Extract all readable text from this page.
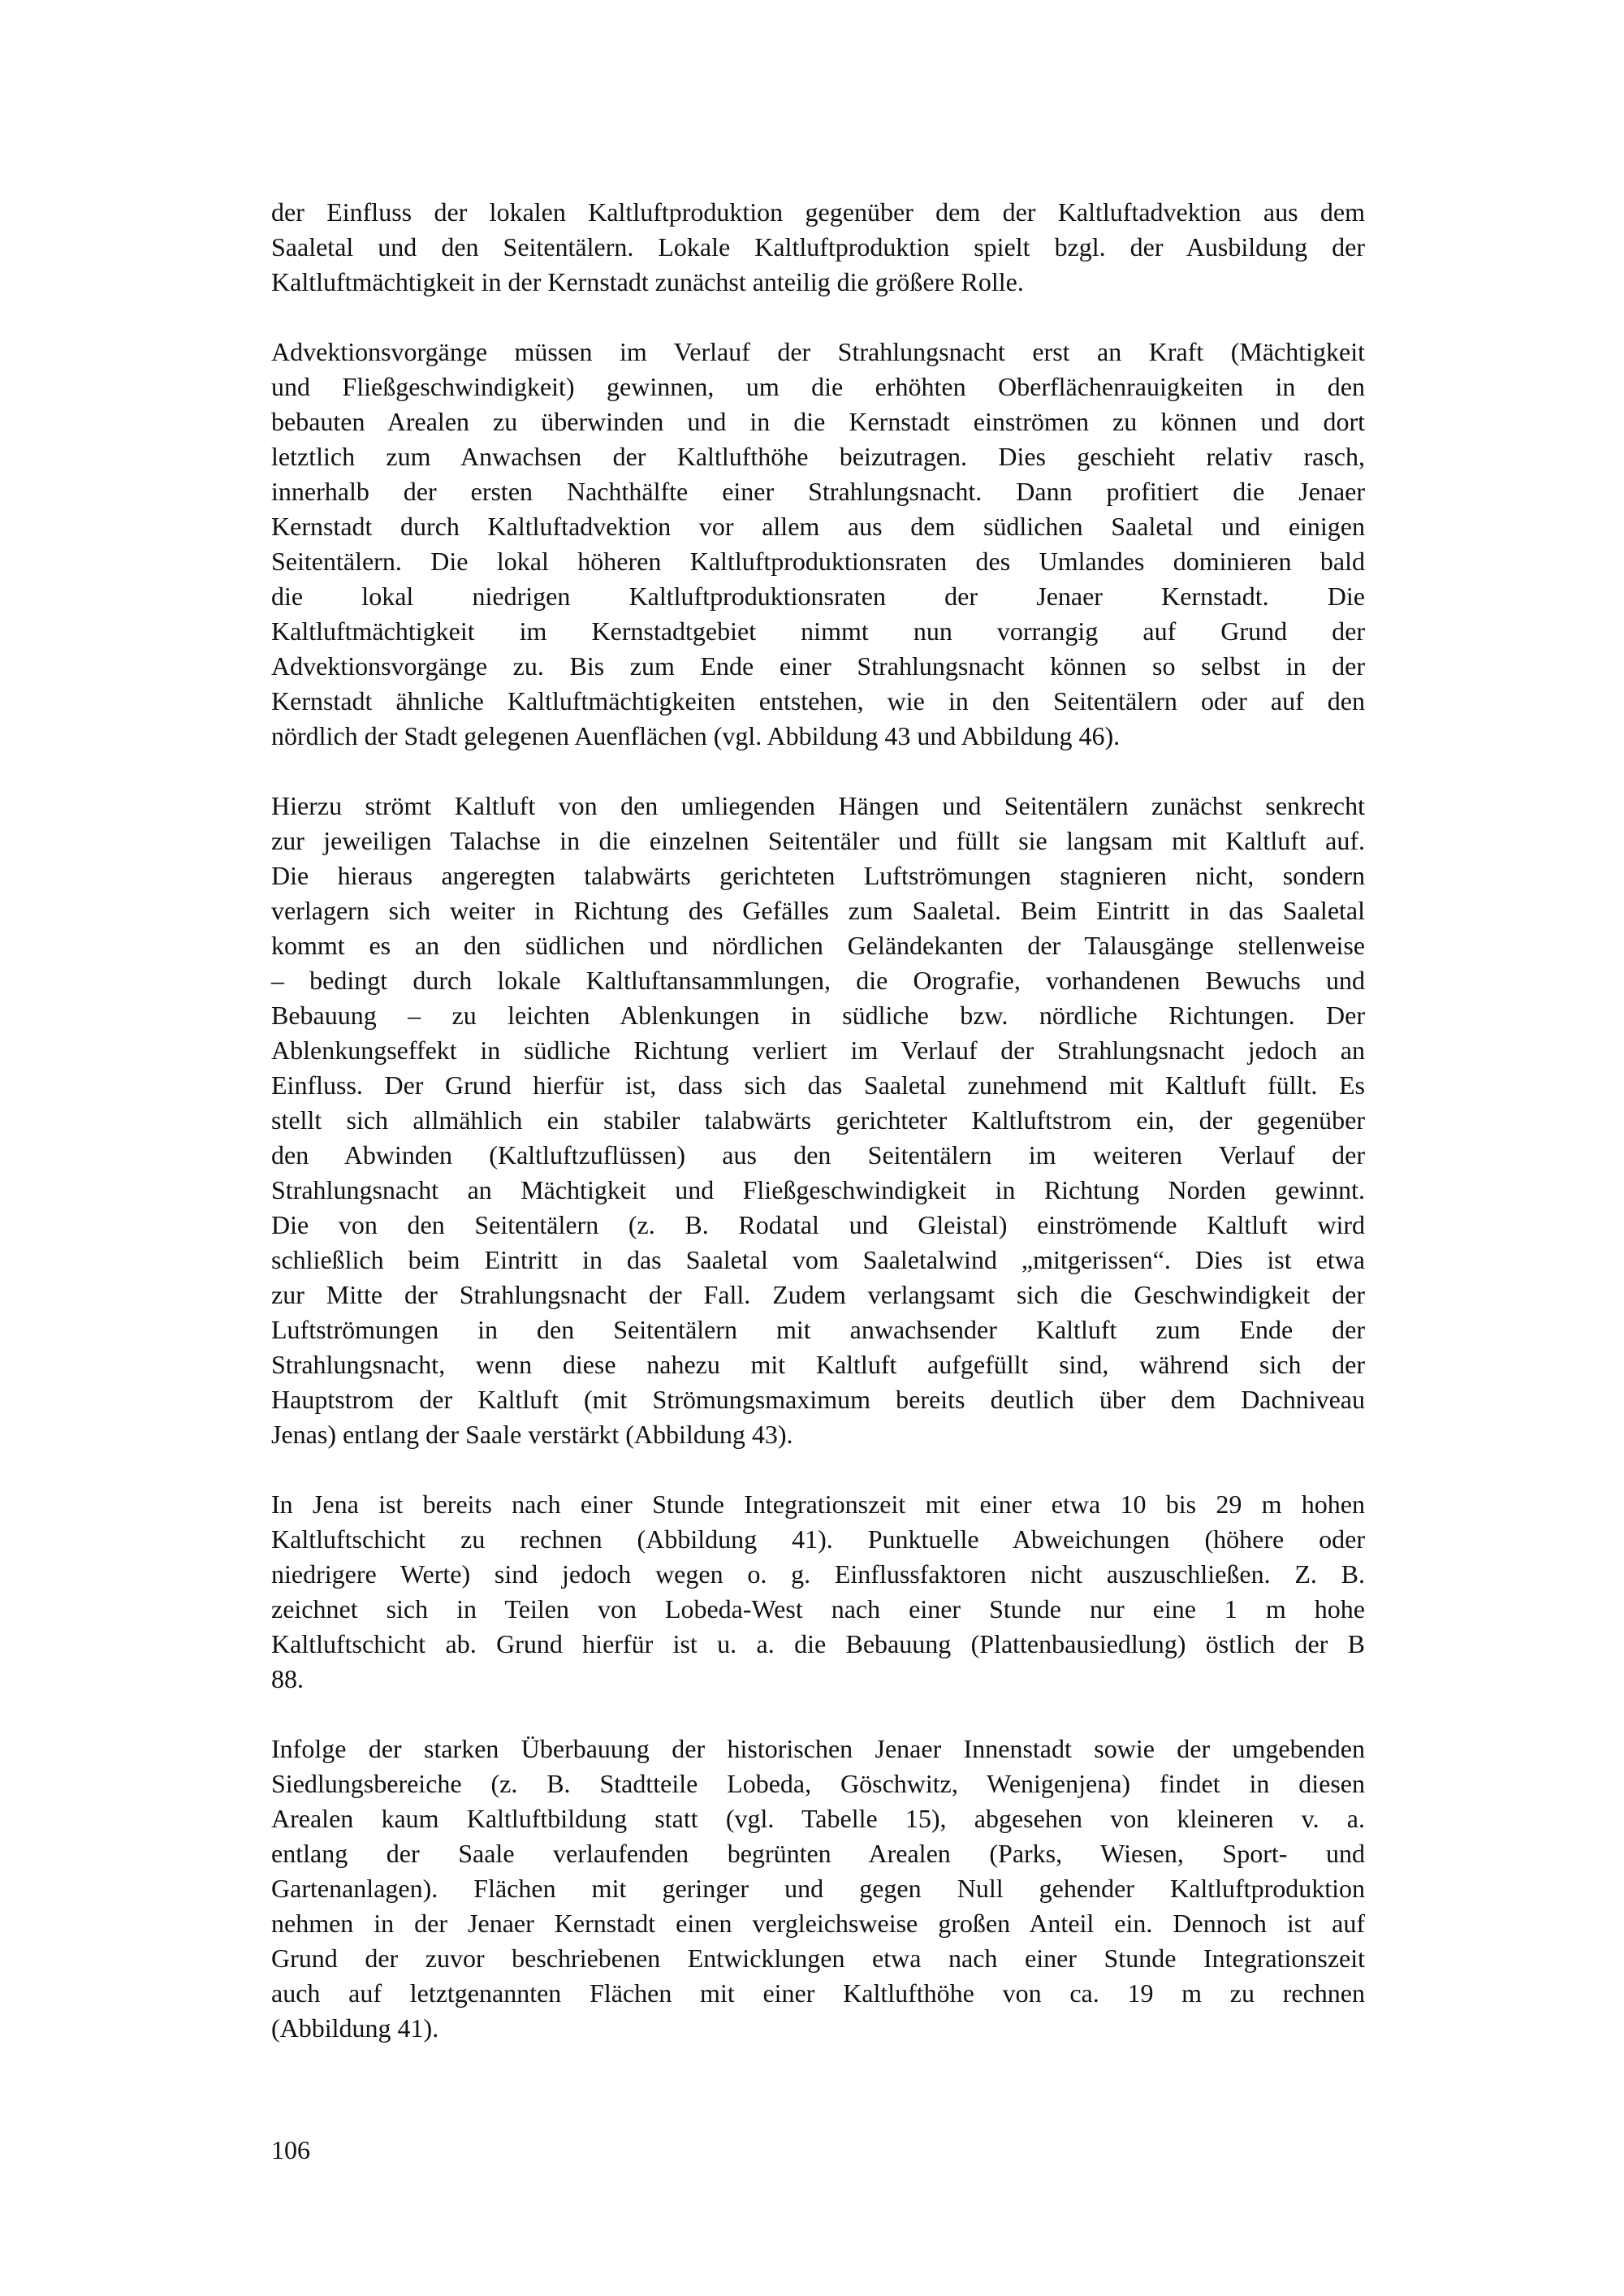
der Einfluss der lokalen Kaltluftproduktion gegenüber dem der Kaltluftadvektion aus dem
Saaletal und den Seitentälern. Lokale Kaltluftproduktion spielt bzgl. der Ausbildung der
Kaltluftmächtigkeit in der Kernstadt zunächst anteilig die größere Rolle.
Advektionsvorgänge müssen im Verlauf der Strahlungsnacht erst an Kraft (Mächtigkeit
und Fließgeschwindigkeit) gewinnen, um die erhöhten Oberflächenrauigkeiten in den
bebauten Arealen zu überwinden und in die Kernstadt einströmen zu können und dort
letztlich zum Anwachsen der Kaltlufthöhe beizutragen. Dies geschieht relativ rasch,
innerhalb der ersten Nachthälfte einer Strahlungsnacht. Dann profitiert die Jenaer
Kernstadt durch Kaltluftadvektion vor allem aus dem südlichen Saaletal und einigen
Seitentälern. Die lokal höheren Kaltluftproduktionsraten des Umlandes dominieren bald
die lokal niedrigen Kaltluftproduktionsraten der Jenaer Kernstadt. Die
Kaltluftmächtigkeit im Kernstadtgebiet nimmt nun vorrangig auf Grund der
Advektionsvorgänge zu. Bis zum Ende einer Strahlungsnacht können so selbst in der
Kernstadt ähnliche Kaltluftmächtigkeiten entstehen, wie in den Seitentälern oder auf den
nördlich der Stadt gelegenen Auenflächen (vgl. Abbildung 43 und Abbildung 46).
Hierzu strömt Kaltluft von den umliegenden Hängen und Seitentälern zunächst senkrecht
zur jeweiligen Talachse in die einzelnen Seitentäler und füllt sie langsam mit Kaltluft auf.
Die hieraus angeregten talabwärts gerichteten Luftströmungen stagnieren nicht, sondern
verlagern sich weiter in Richtung des Gefälles zum Saaletal. Beim Eintritt in das Saaletal
kommt es an den südlichen und nördlichen Geländekanten der Talausgänge stellenweise
– bedingt durch lokale Kaltluftansammlungen, die Orografie, vorhandenen Bewuchs und
Bebauung – zu leichten Ablenkungen in südliche bzw. nördliche Richtungen. Der
Ablenkungseffekt in südliche Richtung verliert im Verlauf der Strahlungsnacht jedoch an
Einfluss. Der Grund hierfür ist, dass sich das Saaletal zunehmend mit Kaltluft füllt. Es
stellt sich allmählich ein stabiler talabwärts gerichteter Kaltluftstrom ein, der gegenüber
den Abwinden (Kaltluftzuflüssen) aus den Seitentälern im weiteren Verlauf der
Strahlungsnacht an Mächtigkeit und Fließgeschwindigkeit in Richtung Norden gewinnt.
Die von den Seitentälern (z. B. Rodatal und Gleistal) einströmende Kaltluft wird
schließlich beim Eintritt in das Saaletal vom Saaletalwind „mitgerissen“. Dies ist etwa
zur Mitte der Strahlungsnacht der Fall. Zudem verlangsamt sich die Geschwindigkeit der
Luftströmungen in den Seitentälern mit anwachsender Kaltluft zum Ende der
Strahlungsnacht, wenn diese nahezu mit Kaltluft aufgefüllt sind, während sich der
Hauptstrom der Kaltluft (mit Strömungsmaximum bereits deutlich über dem Dachniveau
Jenas) entlang der Saale verstärkt (Abbildung 43).
In Jena ist bereits nach einer Stunde Integrationszeit mit einer etwa 10 bis 29 m hohen
Kaltluftschicht zu rechnen (Abbildung 41). Punktuelle Abweichungen (höhere oder
niedrigere Werte) sind jedoch wegen o. g. Einflussfaktoren nicht auszuschließen. Z. B.
zeichnet sich in Teilen von Lobeda-West nach einer Stunde nur eine 1 m hohe
Kaltluftschicht ab. Grund hierfür ist u. a. die Bebauung (Plattenbausiedlung) östlich der B
88.
Infolge der starken Überbauung der historischen Jenaer Innenstadt sowie der umgebenden
Siedlungsbereiche (z. B. Stadtteile Lobeda, Göschwitz, Wenigenjena) findet in diesen
Arealen kaum Kaltluftbildung statt (vgl. Tabelle 15), abgesehen von kleineren v. a.
entlang der Saale verlaufenden begrünten Arealen (Parks, Wiesen, Sport- und
Gartenanlagen). Flächen mit geringer und gegen Null gehender Kaltluftproduktion
nehmen in der Jenaer Kernstadt einen vergleichsweise großen Anteil ein. Dennoch ist auf
Grund der zuvor beschriebenen Entwicklungen etwa nach einer Stunde Integrationszeit
auch auf letztgenannten Flächen mit einer Kaltlufthöhe von ca. 19 m zu rechnen
(Abbildung 41).
106
